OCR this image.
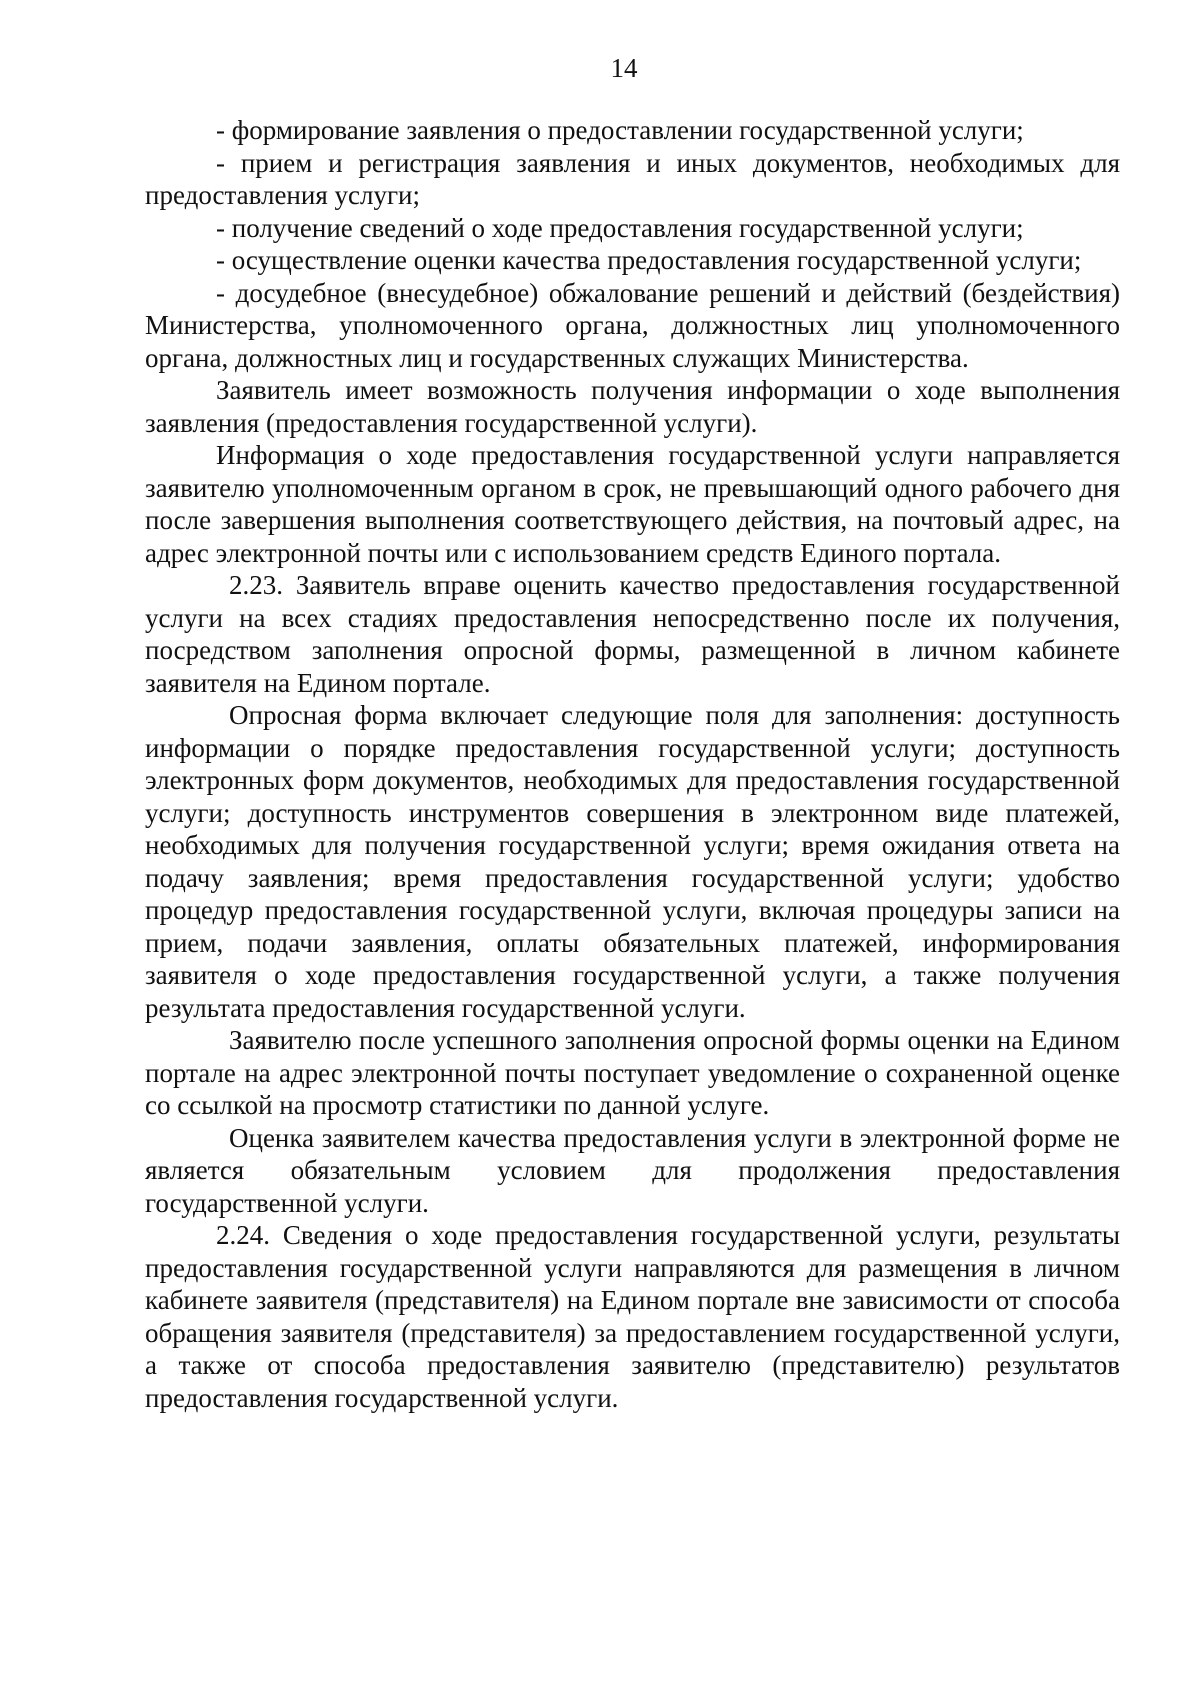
14

- формирование заявления о предоставлении государственной услуги;

- прием и регистрация заявления и иных документов, необходимых для предоставления услуги;

- получение сведений о ходе предоставления государственной услуги;

- осуществление оценки качества предоставления государственной услуги;

- досудебное (внесудебное) обжалование решений и действий (бездействия) Министерства, уполномоченного органа, должностных лиц уполномоченного органа, должностных лиц и государственных служащих Министерства.

Заявитель имеет возможность получения информации о ходе выполнения заявления (предоставления государственной услуги).

Информация о ходе предоставления государственной услуги направляется заявителю уполномоченным органом в срок, не превышающий одного рабочего дня после завершения выполнения соответствующего действия, на почтовый адрес, на адрес электронной почты или с использованием средств Единого портала.

2.23. Заявитель вправе оценить качество предоставления государственной услуги на всех стадиях предоставления непосредственно после их получения, посредством заполнения опросной формы, размещенной в личном кабинете заявителя на Едином портале.

Опросная форма включает следующие поля для заполнения: доступность информации о порядке предоставления государственной услуги; доступность электронных форм документов, необходимых для предоставления государственной услуги; доступность инструментов совершения в электронном виде платежей, необходимых для получения государственной услуги; время ожидания ответа на подачу заявления; время предоставления государственной услуги; удобство процедур предоставления государственной услуги, включая процедуры записи на прием, подачи заявления, оплаты обязательных платежей, информирования заявителя о ходе предоставления государственной услуги, а также получения результата предоставления государственной услуги.

Заявителю после успешного заполнения опросной формы оценки на Едином портале на адрес электронной почты поступает уведомление о сохраненной оценке со ссылкой на просмотр статистики по данной услуге.

Оценка заявителем качества предоставления услуги в электронной форме не является обязательным условием для продолжения предоставления государственной услуги.

2.24. Сведения о ходе предоставления государственной услуги, результаты предоставления государственной услуги направляются для размещения в личном кабинете заявителя (представителя) на Едином портале вне зависимости от способа обращения заявителя (представителя) за предоставлением государственной услуги, а также от способа предоставления заявителю (представителю) результатов предоставления государственной услуги.
